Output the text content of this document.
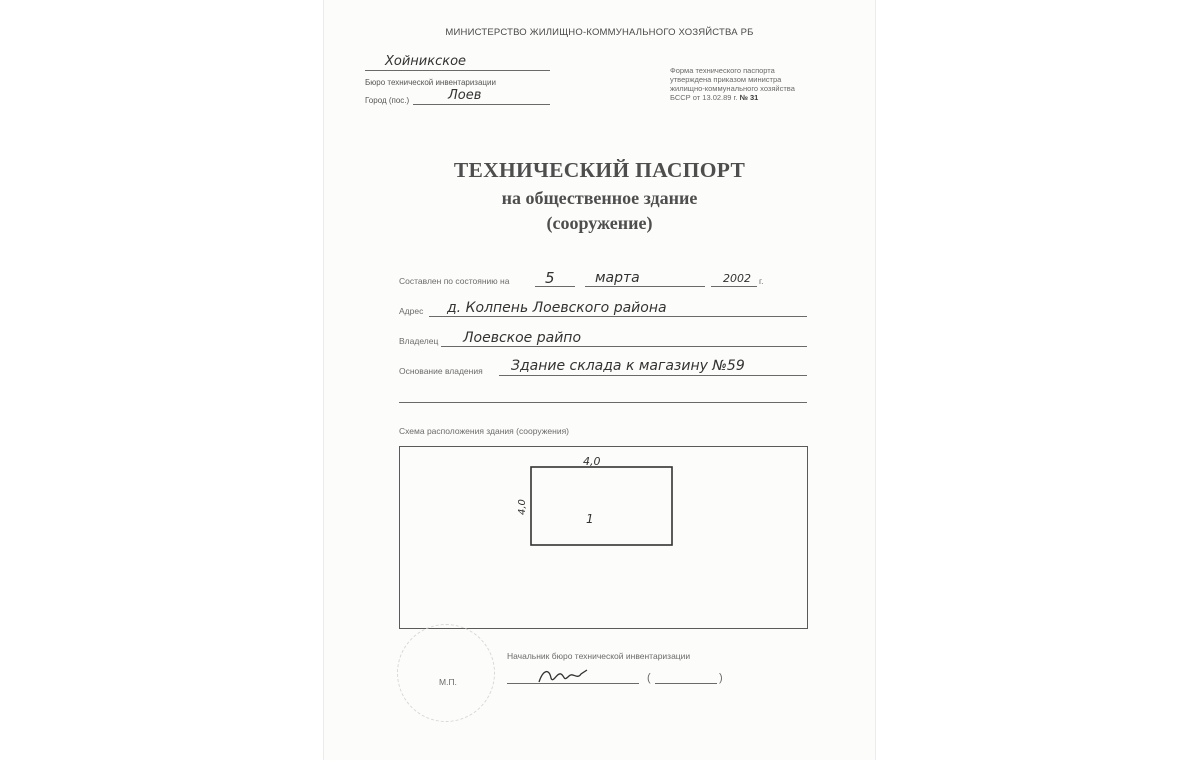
МИНИСТЕРСТВО ЖИЛИЩНО-КОММУНАЛЬНОГО ХОЗЯЙСТВА РБ
Хойникское
Бюро технической инвентаризации
Город (пос.)	Лоев
Форма технического паспорта
утверждена приказом министра
жилищно-коммунального хозяйства
БССР от 13.02.89 г. № 31
ТЕХНИЧЕСКИЙ ПАСПОРТ
на общественное здание
(сооружение)
Составлен по состоянию на 5	марта	2002 г.
Адрес д. Колпень Лоевского района
Владелец Лоевское райпо
Основание владения Здание склада к магазину №59
Схема расположения здания (сооружения)
4,0
4,0
1
Начальник бюро технической инвентаризации
М.П.	(	)
